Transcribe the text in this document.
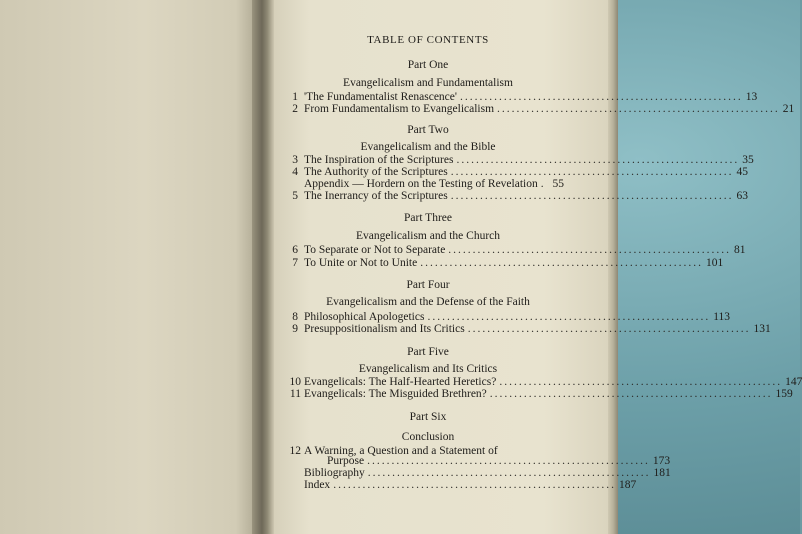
TABLE OF CONTENTS
Part One
Evangelicalism and Fundamentalism
1 'The Fundamentalist Renascence' .......................................................... 13
2 From Fundamentalism to Evangelicalism .......................................................... 21
Part Two
Evangelicalism and the Bible
3 The Inspiration of the Scriptures .......................................................... 35
4 The Authority of the Scriptures .......................................................... 45
Appendix — Hordern on the Testing of Revelation . 55
5 The Inerrancy of the Scriptures .......................................................... 63
Part Three
Evangelicalism and the Church
6 To Separate or Not to Separate .......................................................... 81
7 To Unite or Not to Unite .......................................................... 101
Part Four
Evangelicalism and the Defense of the Faith
8 Philosophical Apologetics .......................................................... 113
9 Presuppositionalism and Its Critics .......................................................... 131
Part Five
Evangelicalism and Its Critics
10 Evangelicals: The Half-Hearted Heretics? .......................................................... 147
11 Evangelicals: The Misguided Brethren? .......................................................... 159
Part Six
Conclusion
12 A Warning, a Question and a Statement of
Purpose .......................................................... 173
Bibliography .......................................................... 181
Index .......................................................... 187
